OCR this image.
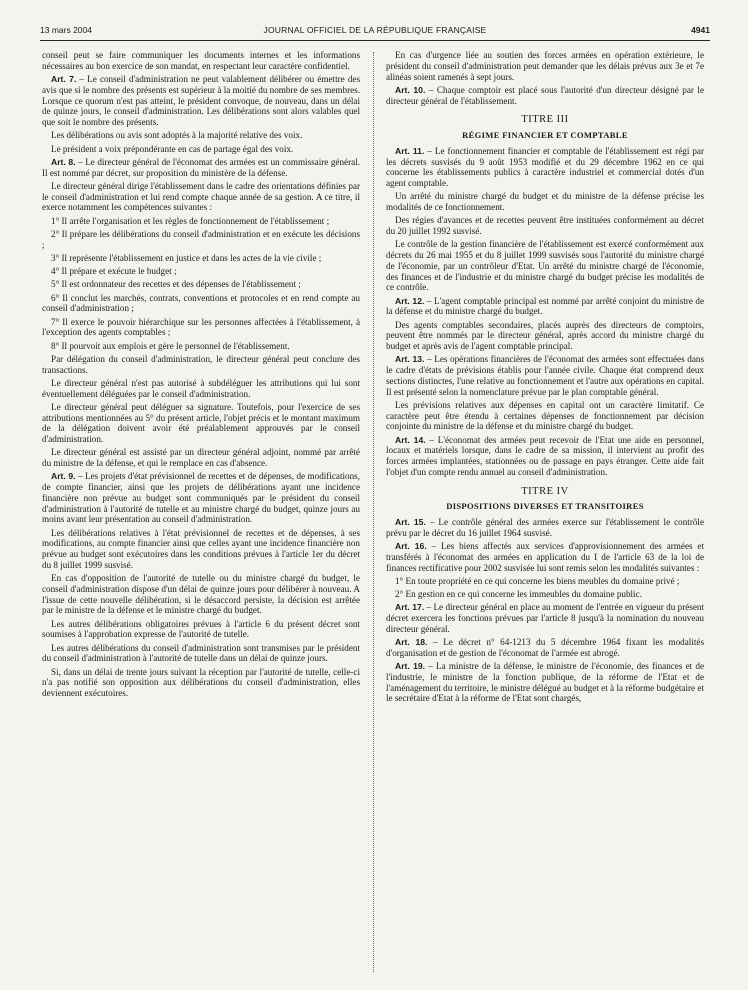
13 mars 2004	JOURNAL OFFICIEL DE LA RÉPUBLIQUE FRANÇAISE	4941

conseil peut se faire communiquer les documents internes et les informations nécessaires au bon exercice de son mandat, en respectant leur caractère confidentiel.

Art. 7. – Le conseil d'administration ne peut valablement délibérer ou émettre des avis que si le nombre des présents est supérieur à la moitié du nombre de ses membres. Lorsque ce quorum n'est pas atteint, le président convoque, de nouveau, dans un délai de quinze jours, le conseil d'administration. Les délibérations sont alors valables quel que soit le nombre des présents.

Les délibérations ou avis sont adoptés à la majorité relative des voix.

Le président a voix prépondérante en cas de partage égal des voix.

Art. 8. – Le directeur général de l'économat des armées est un commissaire général. Il est nommé par décret, sur proposition du ministère de la défense.

Le directeur général dirige l'établissement dans le cadre des orientations définies par le conseil d'administration et lui rend compte chaque année de sa gestion. A ce titre, il exerce notamment les compétences suivantes :

1° Il arrête l'organisation et les règles de fonctionnement de l'établissement ;

2° Il prépare les délibérations du conseil d'administration et en exécute les décisions ;

3° Il représente l'établissement en justice et dans les actes de la vie civile ;

4° Il prépare et exécute le budget ;

5° Il est ordonnateur des recettes et des dépenses de l'établissement ;

6° Il conclut les marchés, contrats, conventions et protocoles et en rend compte au conseil d'administration ;

7° Il exerce le pouvoir hiérarchique sur les personnes affectées à l'établissement, à l'exception des agents comptables ;

8° Il pourvoit aux emplois et gère le personnel de l'établissement.

Par délégation du conseil d'administration, le directeur général peut conclure des transactions.

Le directeur général n'est pas autorisé à subdéléguer les attributions qui lui sont éventuellement déléguées par le conseil d'administration.

Le directeur général peut déléguer sa signature. Toutefois, pour l'exercice de ses attributions mentionnées au 5° du présent article, l'objet précis et le montant maximum de la délégation doivent avoir été préalablement approuvés par le conseil d'administration.

Le directeur général est assisté par un directeur général adjoint, nommé par arrêté du ministre de la défense, et qui le remplace en cas d'absence.

Art. 9. – Les projets d'état prévisionnel de recettes et de dépenses, de modifications, de compte financier, ainsi que les projets de délibérations ayant une incidence financière non prévue au budget sont communiqués par le président du conseil d'administration à l'autorité de tutelle et au ministre chargé du budget, quinze jours au moins avant leur présentation au conseil d'administration.

Les délibérations relatives à l'état prévisionnel de recettes et de dépenses, à ses modifications, au compte financier ainsi que celles ayant une incidence financière non prévue au budget sont exécutoires dans les conditions prévues à l'article 1er du décret du 8 juillet 1999 susvisé.

En cas d'opposition de l'autorité de tutelle ou du ministre chargé du budget, le conseil d'administration dispose d'un délai de quinze jours pour délibérer à nouveau. A l'issue de cette nouvelle délibération, si le désaccord persiste, la décision est arrêtée par le ministre de la défense et le ministre chargé du budget.

Les autres délibérations obligatoires prévues à l'article 6 du présent décret sont soumises à l'approbation expresse de l'autorité de tutelle.

Les autres délibérations du conseil d'administration sont transmises par le président du conseil d'administration à l'autorité de tutelle dans un délai de quinze jours.

Si, dans un délai de trente jours suivant la réception par l'autorité de tutelle, celle-ci n'a pas notifié son opposition aux délibérations du conseil d'administration, elles deviennent exécutoires.

En cas d'urgence liée au soutien des forces armées en opération extérieure, le président du conseil d'administration peut demander que les délais prévus aux 3e et 7e alinéas soient ramenés à sept jours.

Art. 10. – Chaque comptoir est placé sous l'autorité d'un directeur désigné par le directeur général de l'établissement.

TITRE III
RÉGIME FINANCIER ET COMPTABLE

Art. 11. – Le fonctionnement financier et comptable de l'établissement est régi par les décrets susvisés du 9 août 1953 modifié et du 29 décembre 1962 en ce qui concerne les établissements publics à caractère industriel et commercial dotés d'un agent comptable.

Un arrêté du ministre chargé du budget et du ministre de la défense précise les modalités de ce fonctionnement.

Des régies d'avances et de recettes peuvent être instituées conformément au décret du 20 juillet 1992 susvisé.

Le contrôle de la gestion financière de l'établissement est exercé conformément aux décrets du 26 mai 1955 et du 8 juillet 1999 susvisés sous l'autorité du ministre chargé de l'économie, par un contrôleur d'Etat. Un arrêté du ministre chargé de l'économie, des finances et de l'industrie et du ministre chargé du budget précise les modalités de ce contrôle.

Art. 12. – L'agent comptable principal est nommé par arrêté conjoint du ministre de la défense et du ministre chargé du budget.

Des agents comptables secondaires, placés auprès des directeurs de comptoirs, peuvent être nommés par le directeur général, après accord du ministre chargé du budget et après avis de l'agent comptable principal.

Art. 13. – Les opérations financières de l'économat des armées sont effectuées dans le cadre d'états de prévisions établis pour l'année civile. Chaque état comprend deux sections distinctes, l'une relative au fonctionnement et l'autre aux opérations en capital. Il est présenté selon la nomenclature prévue par le plan comptable général.

Les prévisions relatives aux dépenses en capital ont un caractère limitatif. Ce caractère peut être étendu à certaines dépenses de fonctionnement par décision conjointe du ministre de la défense et du ministre chargé du budget.

Art. 14. – L'économat des armées peut recevoir de l'Etat une aide en personnel, locaux et matériels lorsque, dans le cadre de sa mission, il intervient au profit des forces armées implantées, stationnées ou de passage en pays étranger. Cette aide fait l'objet d'un compte rendu annuel au conseil d'administration.

TITRE IV
DISPOSITIONS DIVERSES ET TRANSITOIRES

Art. 15. – Le contrôle général des armées exerce sur l'établissement le contrôle prévu par le décret du 16 juillet 1964 susvisé.

Art. 16. – Les biens affectés aux services d'approvisionnement des armées et transférés à l'économat des armées en application du I de l'article 63 de la loi de finances rectificative pour 2002 susvisée lui sont remis selon les modalités suivantes :

1° En toute propriété en ce qui concerne les biens meubles du domaine privé ;

2° En gestion en ce qui concerne les immeubles du domaine public.

Art. 17. – Le directeur général en place au moment de l'entrée en vigueur du présent décret exercera les fonctions prévues par l'article 8 jusqu'à la nomination du nouveau directeur général.

Art. 18. – Le décret n° 64-1213 du 5 décembre 1964 fixant les modalités d'organisation et de gestion de l'économat de l'armée est abrogé.

Art. 19. – La ministre de la défense, le ministre de l'économie, des finances et de l'industrie, le ministre de la fonction publique, de la réforme de l'Etat et de l'aménagement du territoire, le ministre délégué au budget et à la réforme budgétaire et le secrétaire d'Etat à la réforme de l'Etat sont chargés,
